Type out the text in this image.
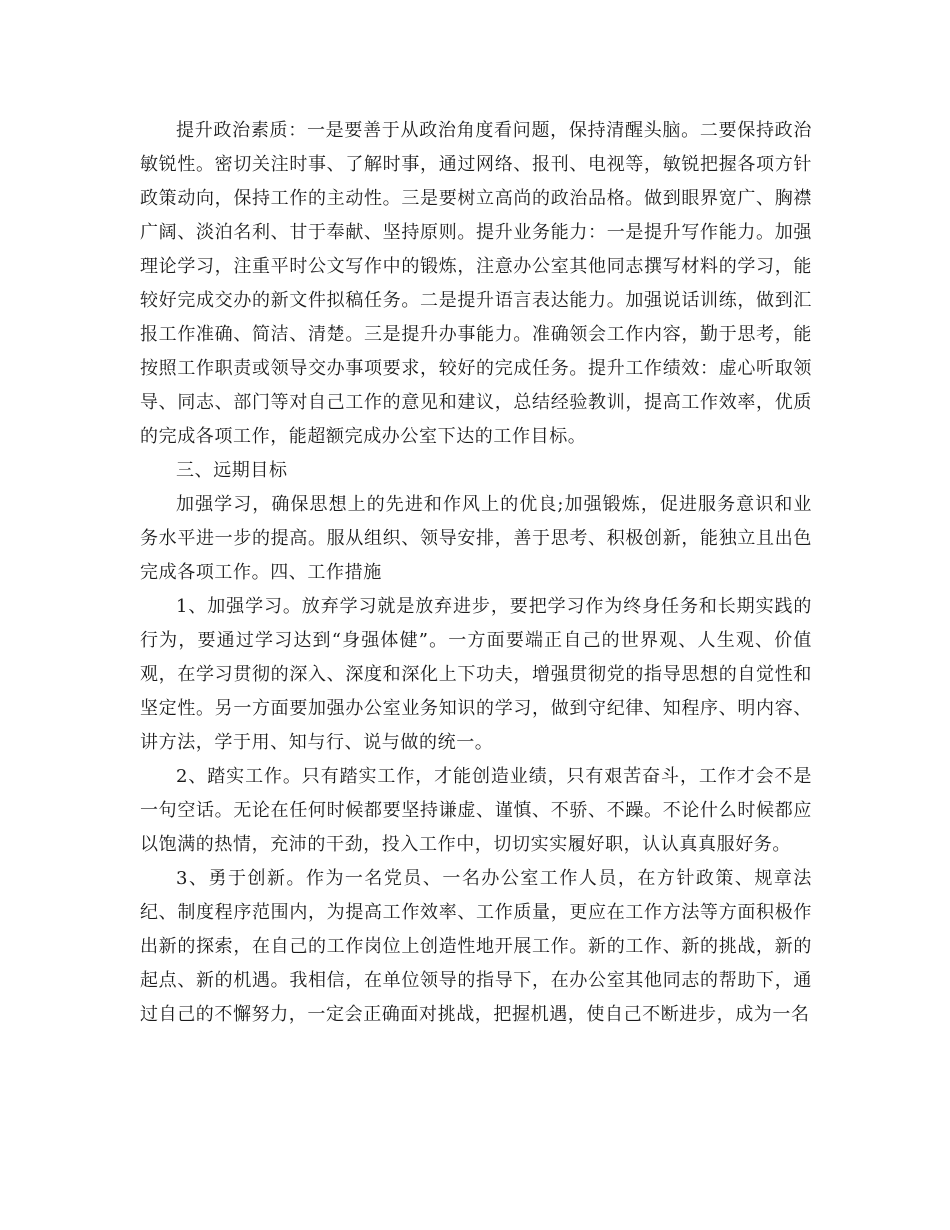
提升政治素质：一是要善于从政治角度看问题，保持清醒头脑。二要保持政治敏锐性。密切关注时事、了解时事，通过网络、报刊、电视等，敏锐把握各项方针政策动向，保持工作的主动性。三是要树立高尚的政治品格。做到眼界宽广、胸襟广阔、淡泊名利、甘于奉献、坚持原则。提升业务能力：一是提升写作能力。加强理论学习，注重平时公文写作中的锻炼，注意办公室其他同志撰写材料的学习，能较好完成交办的新文件拟稿任务。二是提升语言表达能力。加强说话训练，做到汇报工作准确、简洁、清楚。三是提升办事能力。准确领会工作内容，勤于思考，能按照工作职责或领导交办事项要求，较好的完成任务。提升工作绩效：虚心听取领导、同志、部门等对自己工作的意见和建议，总结经验教训，提高工作效率，优质的完成各项工作，能超额完成办公室下达的工作目标。

三、远期目标

加强学习，确保思想上的先进和作风上的优良;加强锻炼，促进服务意识和业务水平进一步的提高。服从组织、领导安排，善于思考、积极创新，能独立且出色完成各项工作。四、工作措施

1、加强学习。放弃学习就是放弃进步，要把学习作为终身任务和长期实践的行为，要通过学习达到“身强体健”。一方面要端正自己的世界观、人生观、价值观，在学习贯彻的深入、深度和深化上下功夫，增强贯彻党的指导思想的自觉性和坚定性。另一方面要加强办公室业务知识的学习，做到守纪律、知程序、明内容、讲方法，学于用、知与行、说与做的统一。

2、踏实工作。只有踏实工作，才能创造业绩，只有艰苦奋斗，工作才会不是一句空话。无论在任何时候都要坚持谦虚、谨慎、不骄、不躁。不论什么时候都应以饱满的热情，充沛的干劲，投入工作中，切切实实履好职，认认真真服好务。

3、勇于创新。作为一名党员、一名办公室工作人员，在方针政策、规章法纪、制度程序范围内，为提高工作效率、工作质量，更应在工作方法等方面积极作出新的探索，在自己的工作岗位上创造性地开展工作。新的工作、新的挑战，新的起点、新的机遇。我相信，在单位领导的指导下，在办公室其他同志的帮助下，通过自己的不懈努力，一定会正确面对挑战，把握机遇，使自己不断进步，成为一名
